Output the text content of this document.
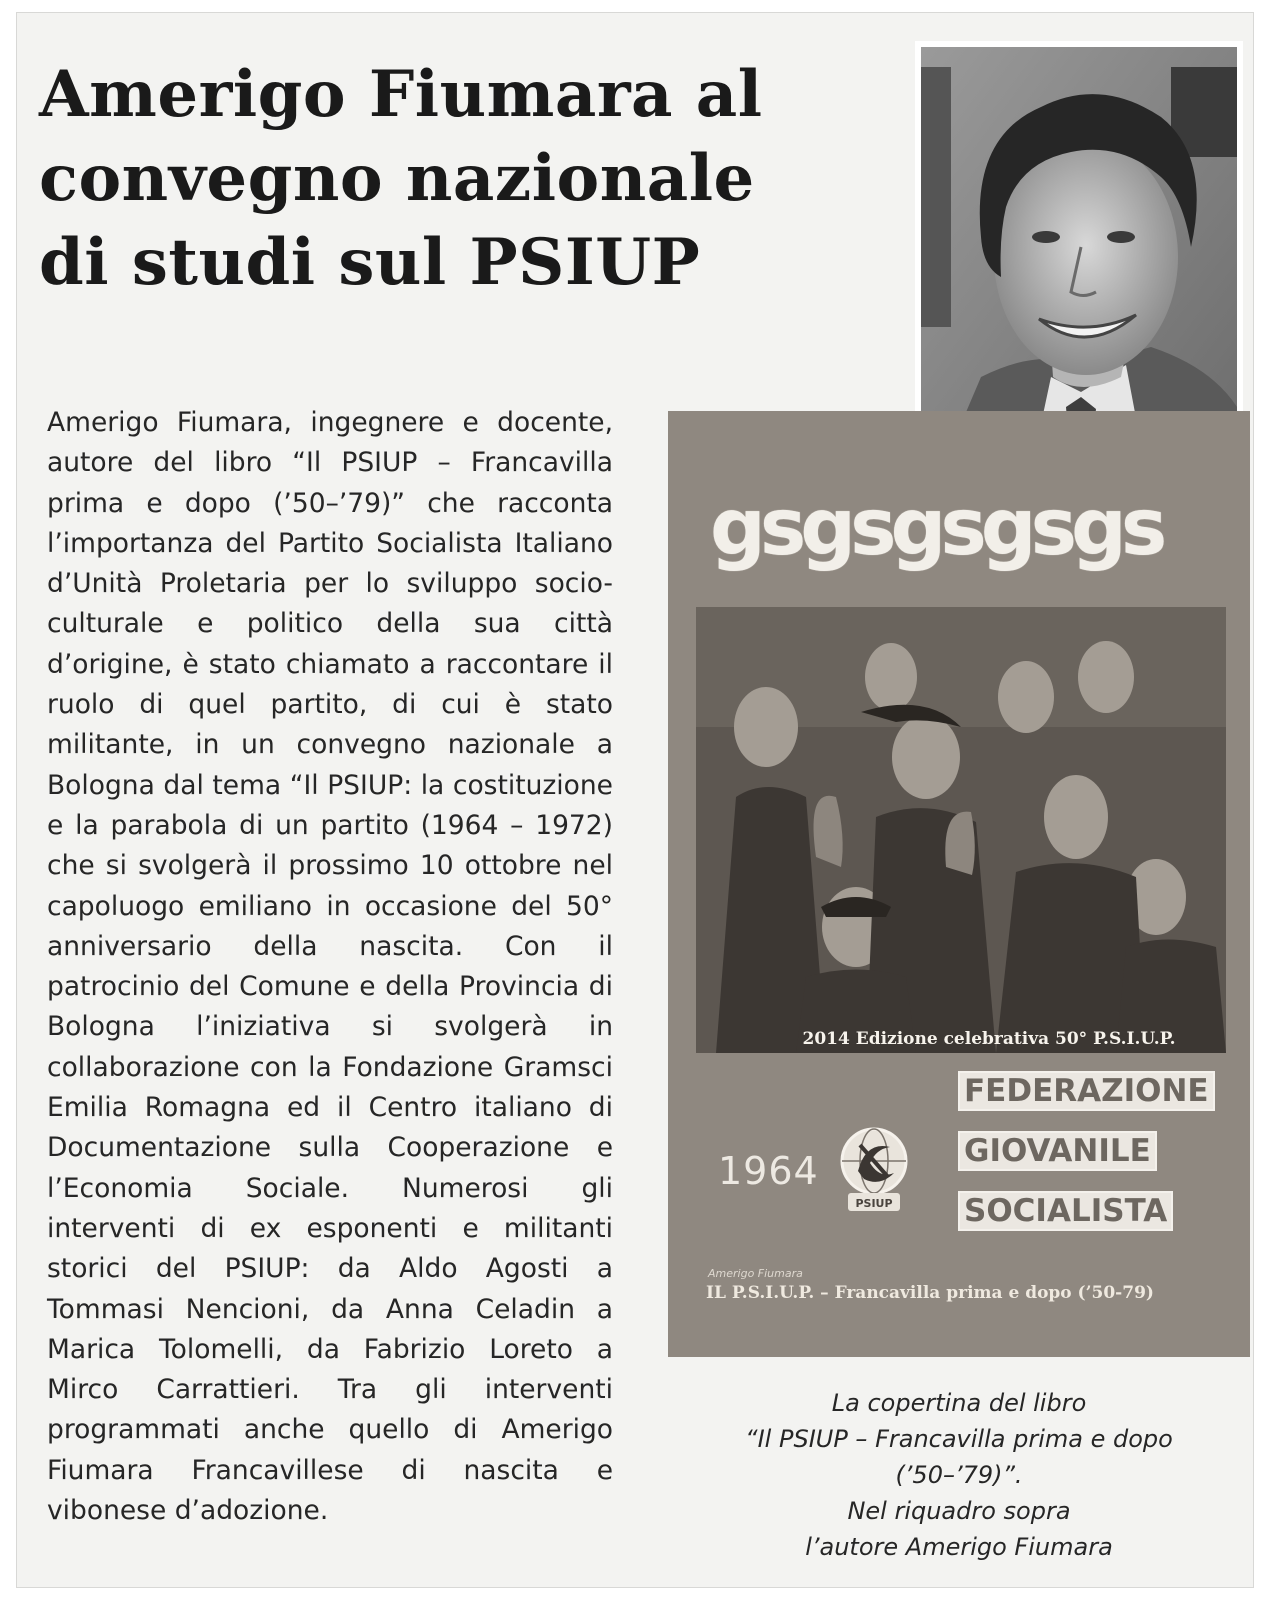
Amerigo Fiumara al
convegno nazionale
di studi sul PSIUP

Amerigo Fiumara, ingegnere e docente, autore del libro “Il PSIUP – Francavilla prima e dopo (’50–’79)” che racconta l’importanza del Partito Socialista Italiano d’Unità Proletaria per lo sviluppo socio-culturale e politico della sua città d’origine, è stato chiamato a raccontare il ruolo di quel partito, di cui è stato militante, in un convegno nazionale a Bologna dal tema “Il PSIUP: la costituzione e la parabola di un partito (1964 – 1972) che si svolgerà il prossimo 10 ottobre nel capoluogo emiliano in occasione del 50° anniversario della nascita. Con il patrocinio del Comune e della Provincia di Bologna l’iniziativa si svolgerà in collaborazione con la Fondazione Gramsci Emilia Romagna ed il Centro italiano di Documentazione sulla Cooperazione e l’Economia Sociale. Numerosi gli interventi di ex esponenti e militanti storici del PSIUP: da Aldo Agosti a Tommasi Nencioni, da Anna Celadin a Marica Tolomelli, da Fabrizio Loreto a Mirco Carrattieri. Tra gli interventi programmati anche quello di Amerigo Fiumara Francavillese di nascita e vibonese d’adozione.

gsgsgsgsgs
2014 Edizione celebrativa 50° P.S.I.U.P.
FEDERAZIONE
GIOVANILE
SOCIALISTA
1964
PSIUP
Amerigo Fiumara
IL P.S.I.U.P. – Francavilla prima e dopo (’50-79)

La copertina del libro
“Il PSIUP – Francavilla prima e dopo
(’50–’79)”.
Nel riquadro sopra
l’autore Amerigo Fiumara
